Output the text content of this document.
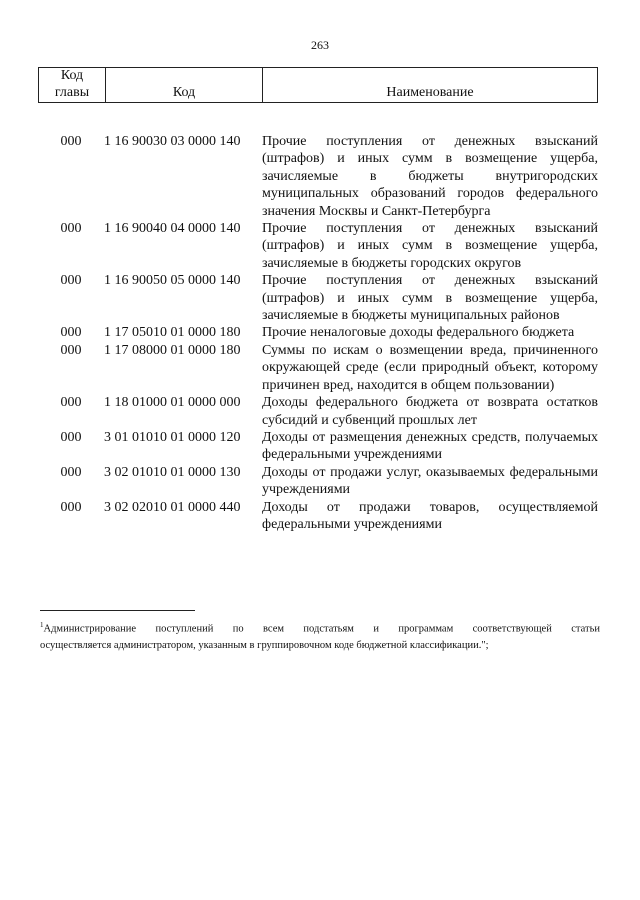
263
Код
главы	Код	Наименование
000	1 16 90030 03 0000 140	Прочие поступления от денежных взысканий (штрафов) и иных сумм в возмещение ущерба, зачисляемые в бюджеты внутригородских муниципальных образований городов федерального значения Москвы и Санкт-Петербурга
000	1 16 90040 04 0000 140	Прочие поступления от денежных взысканий (штрафов) и иных сумм в возмещение ущерба, зачисляемые в бюджеты городских округов
000	1 16 90050 05 0000 140	Прочие поступления от денежных взысканий (штрафов) и иных сумм в возмещение ущерба, зачисляемые в бюджеты муниципальных районов
000	1 17 05010 01 0000 180	Прочие неналоговые доходы федерального бюджета
000	1 17 08000 01 0000 180	Суммы по искам о возмещении вреда, причиненного окружающей среде (если природный объект, которому причинен вред, находится в общем пользовании)
000	1 18 01000 01 0000 000	Доходы федерального бюджета от возврата остатков субсидий и субвенций прошлых лет
000	3 01 01010 01 0000 120	Доходы от размещения денежных средств, получаемых федеральными учреждениями
000	3 02 01010 01 0000 130	Доходы от продажи услуг, оказываемых федеральными учреждениями
000	3 02 02010 01 0000 440	Доходы от продажи товаров, осуществляемой федеральными учреждениями
$^1$Администрирование поступлений по всем подстатьям и программам соответствующей статьи
осуществляется администратором, указанным в группировочном коде бюджетной классификации.";
